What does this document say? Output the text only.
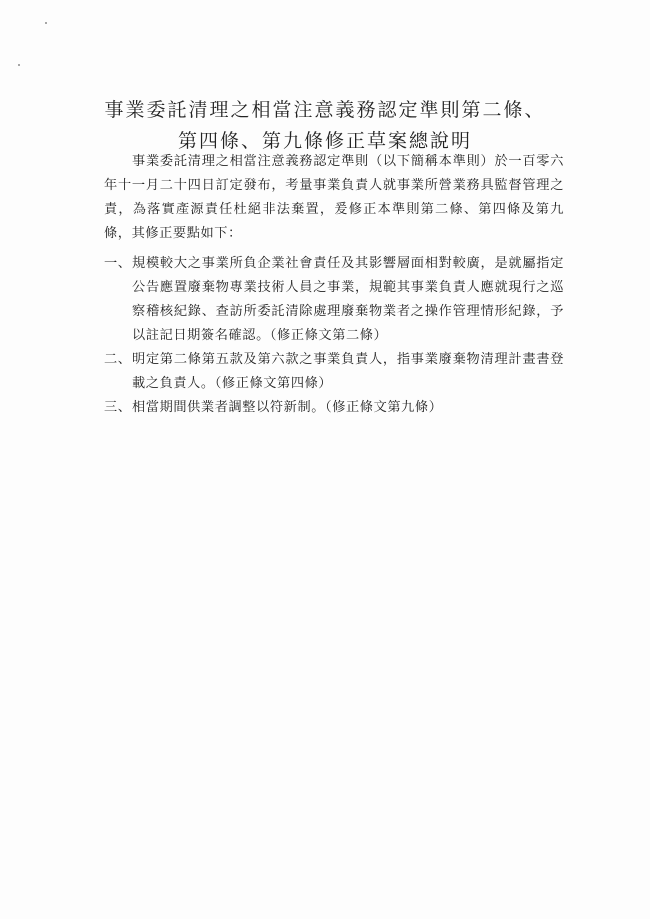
事業委託清理之相當注意義務認定準則第二條、
第四條、第九條修正草案總說明
事業委託清理之相當注意義務認定準則（以下簡稱本準則）於一百零六年十一月二十四日訂定發布，考量事業負責人就事業所營業務具監督管理之責，為落實產源責任杜絕非法棄置，爰修正本準則第二條、第四條及第九條，其修正要點如下：
一、 規模較大之事業所負企業社會責任及其影響層面相對較廣，是就屬指定公告應置廢棄物專業技術人員之事業，規範其事業負責人應就現行之巡察稽核紀錄、查訪所委託清除處理廢棄物業者之操作管理情形紀錄，予以註記日期簽名確認。（修正條文第二條）
二、 明定第二條第五款及第六款之事業負責人，指事業廢棄物清理計畫書登載之負責人。（修正條文第四條）
三、 相當期間供業者調整以符新制。（修正條文第九條）
